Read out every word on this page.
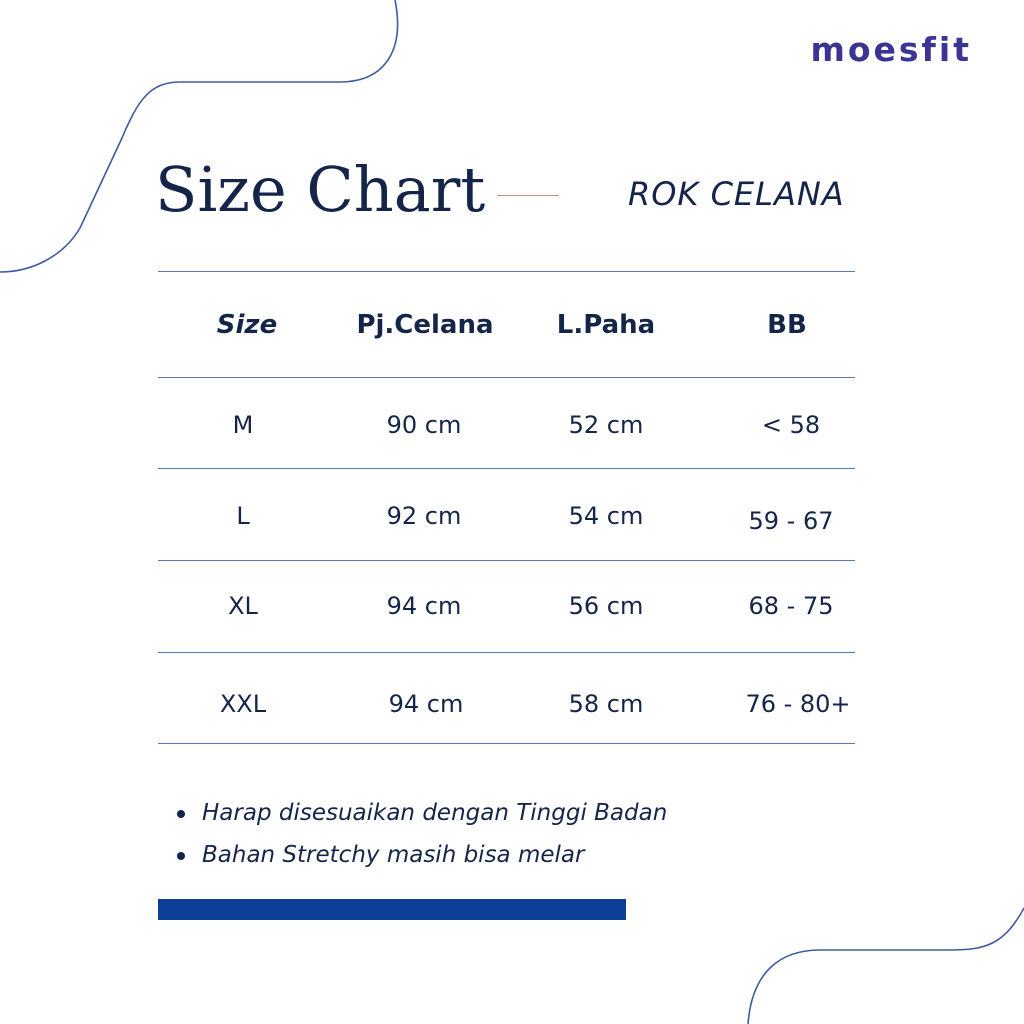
moesfit
Size Chart	ROK CELANA
Size	Pj.Celana	L.Paha	BB
M	90 cm	52 cm	< 58
L	92 cm	54 cm	59 - 67
XL	94 cm	56 cm	68 - 75
XXL	94 cm	58 cm	76 - 80+
Harap disesuaikan dengan Tinggi Badan
Bahan Stretchy masih bisa melar
